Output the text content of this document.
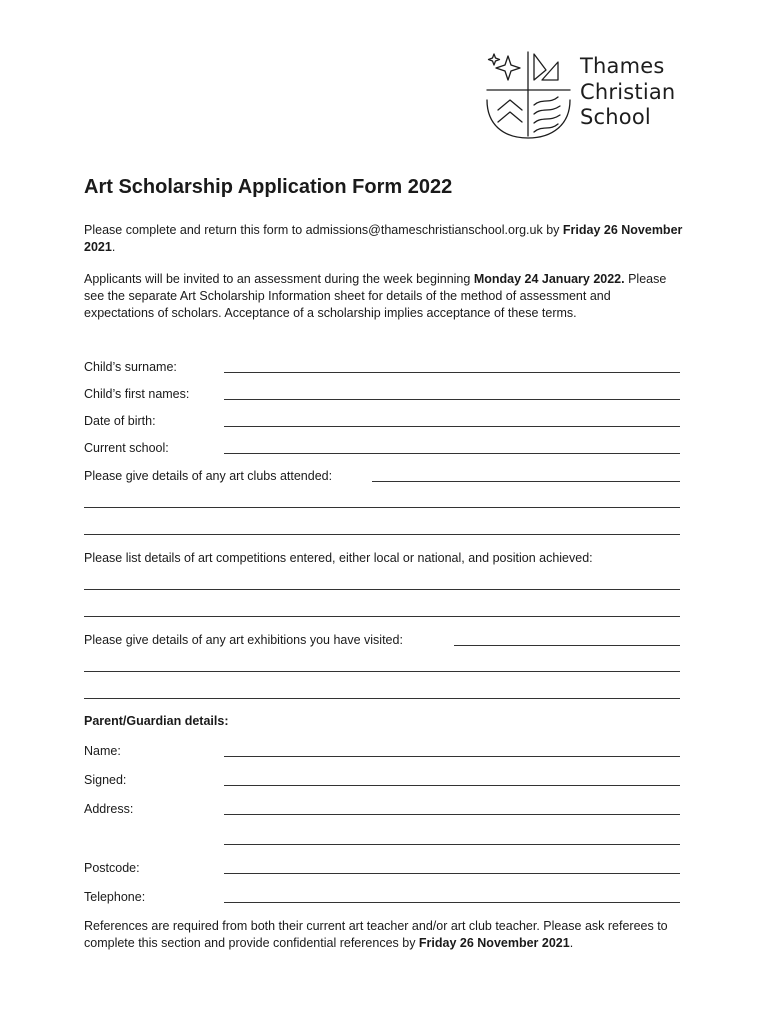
Thames
Christian
School
Art Scholarship Application Form 2022

Please complete and return this form to admissions@thameschristianschool.org.uk by Friday 26 November 2021.

Applicants will be invited to an assessment during the week beginning Monday 24 January 2022. Please see the separate Art Scholarship Information sheet for details of the method of assessment and expectations of scholars. Acceptance of a scholarship implies acceptance of these terms.

Child’s surname:
Child’s first names:
Date of birth:
Current school:
Please give details of any art clubs attended:
Please list details of art competitions entered, either local or national, and position achieved:
Please give details of any art exhibitions you have visited:

Parent/Guardian details:

Name:
Signed:
Address:
Postcode:
Telephone:

References are required from both their current art teacher and/or art club teacher. Please ask referees to complete this section and provide confidential references by Friday 26 November 2021.
